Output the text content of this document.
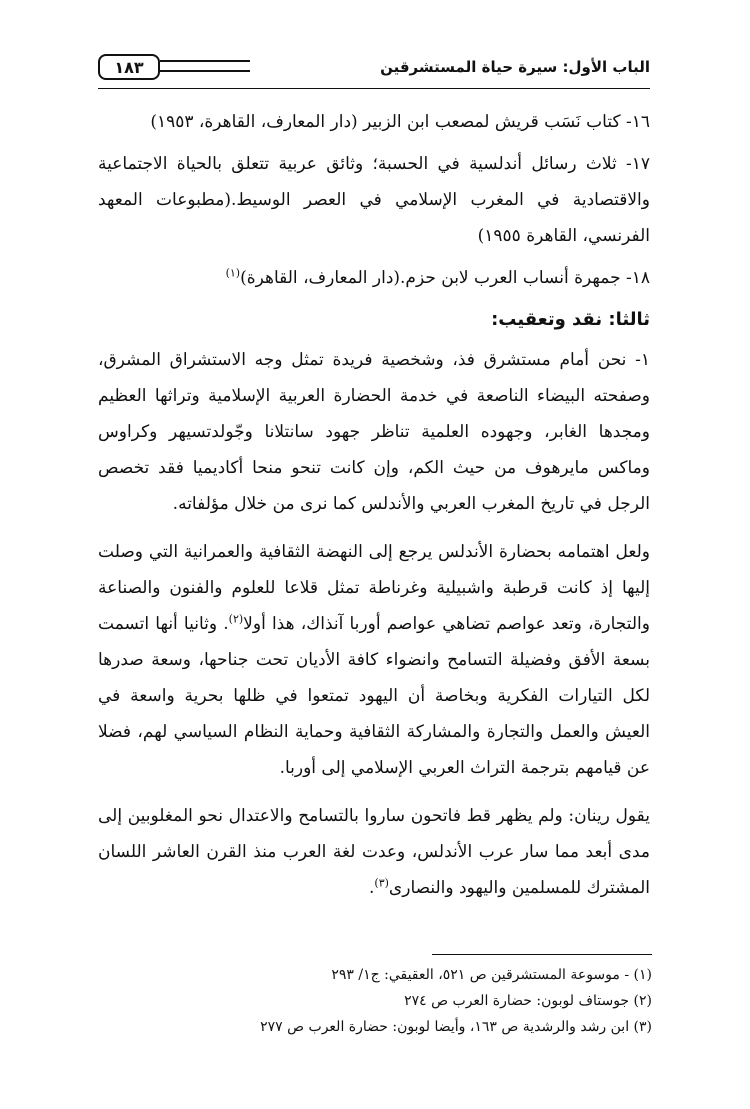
الباب الأول: سيرة حياة المستشرقين
١٨٣

١٦- كتاب نَسَب قريش لمصعب ابن الزبير (دار المعارف، القاهرة، ١٩٥٣)

١٧- ثلاث رسائل أندلسية في الحسبة؛ وثائق عربية تتعلق بالحياة الاجتماعية والاقتصادية في المغرب الإسلامي في العصر الوسيط.(مطبوعات المعهد الفرنسي، القاهرة ١٩٥٥)

١٨- جمهرة أنساب العرب لابن حزم.(دار المعارف، القاهرة)$^{(١)}$

ثالثا: نقد وتعقيب:

١- نحن أمام مستشرق فذ، وشخصية فريدة تمثل وجه الاستشراق المشرق، وصفحته البيضاء الناصعة في خدمة الحضارة العربية الإسلامية وتراثها العظيم ومجدها الغابر، وجهوده العلمية تناظر جهود سانتلانا وجّولدتسيهر وكراوس وماكس مايرهوف من حيث الكم، وإن كانت تنحو منحا أكاديميا فقد تخصص الرجل في تاريخ المغرب العربي والأندلس كما نرى من خلال مؤلفاته.

ولعل اهتمامه بحضارة الأندلس يرجع إلى النهضة الثقافية والعمرانية التي وصلت إليها إذ كانت قرطبة واشبيلية وغرناطة تمثل قلاعا للعلوم والفنون والصناعة والتجارة، وتعد عواصم تضاهي عواصم أوربا آنذاك، هذا أولا$^{(٢)}$. وثانيا أنها اتسمت بسعة الأفق وفضيلة التسامح وانضواء كافة الأديان تحت جناحها، وسعة صدرها لكل التيارات الفكرية وبخاصة أن اليهود تمتعوا في ظلها بحرية واسعة في العيش والعمل والتجارة والمشاركة الثقافية وحماية النظام السياسي لهم، فضلا عن قيامهم بترجمة التراث العربي الإسلامي إلى أوربا.

يقول رينان: ولم يظهر قط فاتحون ساروا بالتسامح والاعتدال نحو المغلوبين إلى مدى أبعد مما سار عرب الأندلس، وعدت لغة العرب منذ القرن العاشر اللسان المشترك للمسلمين واليهود والنصارى$^{(٣)}$.

(١) - موسوعة المستشرقين ص ٥٢١، العقيقي: ج١/ ٢٩٣

(٢) جوستاف لوبون: حضارة العرب ص ٢٧٤

(٣) ابن رشد والرشدية ص ١٦٣، وأيضا لوبون: حضارة العرب ص ٢٧٧
